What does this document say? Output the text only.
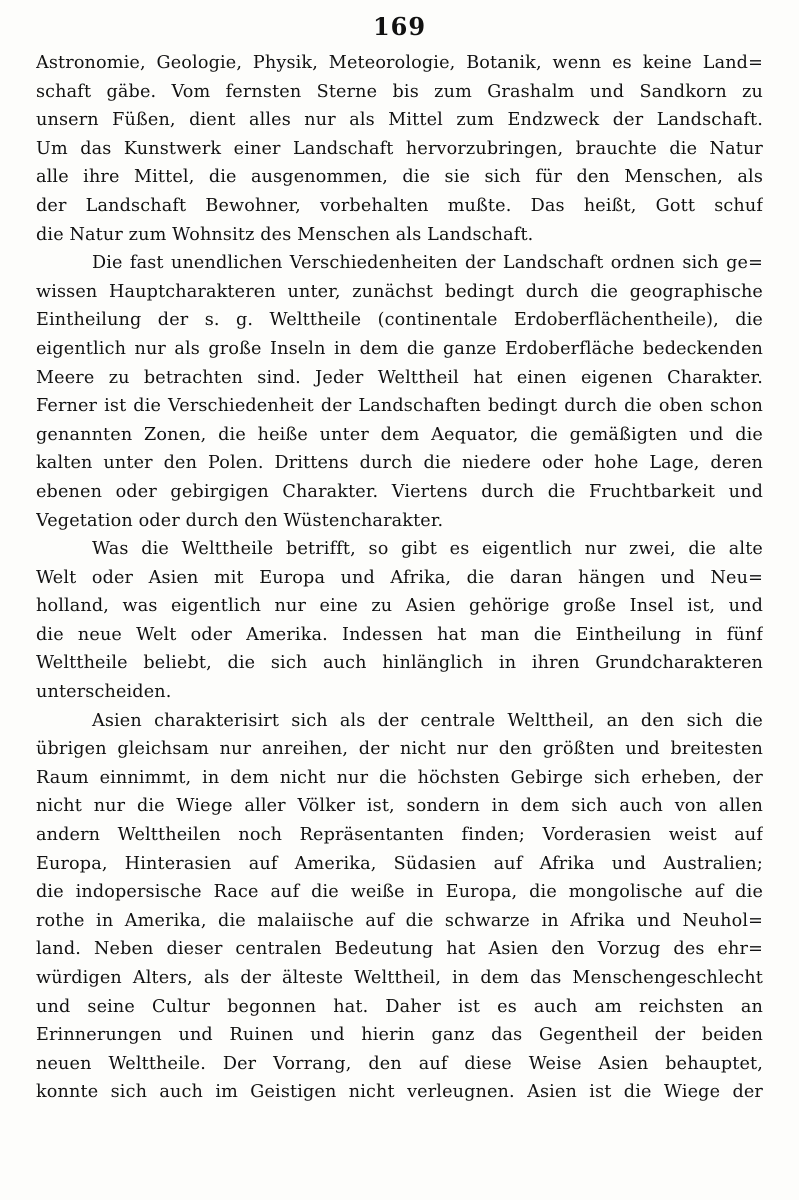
169
Astronomie, Geologie, Physik, Meteorologie, Botanik, wenn es keine Land=
schaft gäbe. Vom fernsten Sterne bis zum Grashalm und Sandkorn zu
unsern Füßen, dient alles nur als Mittel zum Endzweck der Landschaft.
Um das Kunstwerk einer Landschaft hervorzubringen, brauchte die Natur
alle ihre Mittel, die ausgenommen, die sie sich für den Menschen, als
der Landschaft Bewohner, vorbehalten mußte. Das heißt, Gott schuf
die Natur zum Wohnsitz des Menschen als Landschaft.
Die fast unendlichen Verschiedenheiten der Landschaft ordnen sich ge=
wissen Hauptcharakteren unter, zunächst bedingt durch die geographische
Eintheilung der s. g. Welttheile (continentale Erdoberflächentheile), die
eigentlich nur als große Inseln in dem die ganze Erdoberfläche bedeckenden
Meere zu betrachten sind. Jeder Welttheil hat einen eigenen Charakter.
Ferner ist die Verschiedenheit der Landschaften bedingt durch die oben schon
genannten Zonen, die heiße unter dem Aequator, die gemäßigten und die
kalten unter den Polen. Drittens durch die niedere oder hohe Lage, deren
ebenen oder gebirgigen Charakter. Viertens durch die Fruchtbarkeit und
Vegetation oder durch den Wüstencharakter.
Was die Welttheile betrifft, so gibt es eigentlich nur zwei, die alte
Welt oder Asien mit Europa und Afrika, die daran hängen und Neu=
holland, was eigentlich nur eine zu Asien gehörige große Insel ist, und
die neue Welt oder Amerika. Indessen hat man die Eintheilung in fünf
Welttheile beliebt, die sich auch hinlänglich in ihren Grundcharakteren
unterscheiden.
Asien charakterisirt sich als der centrale Welttheil, an den sich die
übrigen gleichsam nur anreihen, der nicht nur den größten und breitesten
Raum einnimmt, in dem nicht nur die höchsten Gebirge sich erheben, der
nicht nur die Wiege aller Völker ist, sondern in dem sich auch von allen
andern Welttheilen noch Repräsentanten finden; Vorderasien weist auf
Europa, Hinterasien auf Amerika, Südasien auf Afrika und Australien;
die indopersische Race auf die weiße in Europa, die mongolische auf die
rothe in Amerika, die malaiische auf die schwarze in Afrika und Neuhol=
land. Neben dieser centralen Bedeutung hat Asien den Vorzug des ehr=
würdigen Alters, als der älteste Welttheil, in dem das Menschengeschlecht
und seine Cultur begonnen hat. Daher ist es auch am reichsten an
Erinnerungen und Ruinen und hierin ganz das Gegentheil der beiden
neuen Welttheile. Der Vorrang, den auf diese Weise Asien behauptet,
konnte sich auch im Geistigen nicht verleugnen. Asien ist die Wiege der
